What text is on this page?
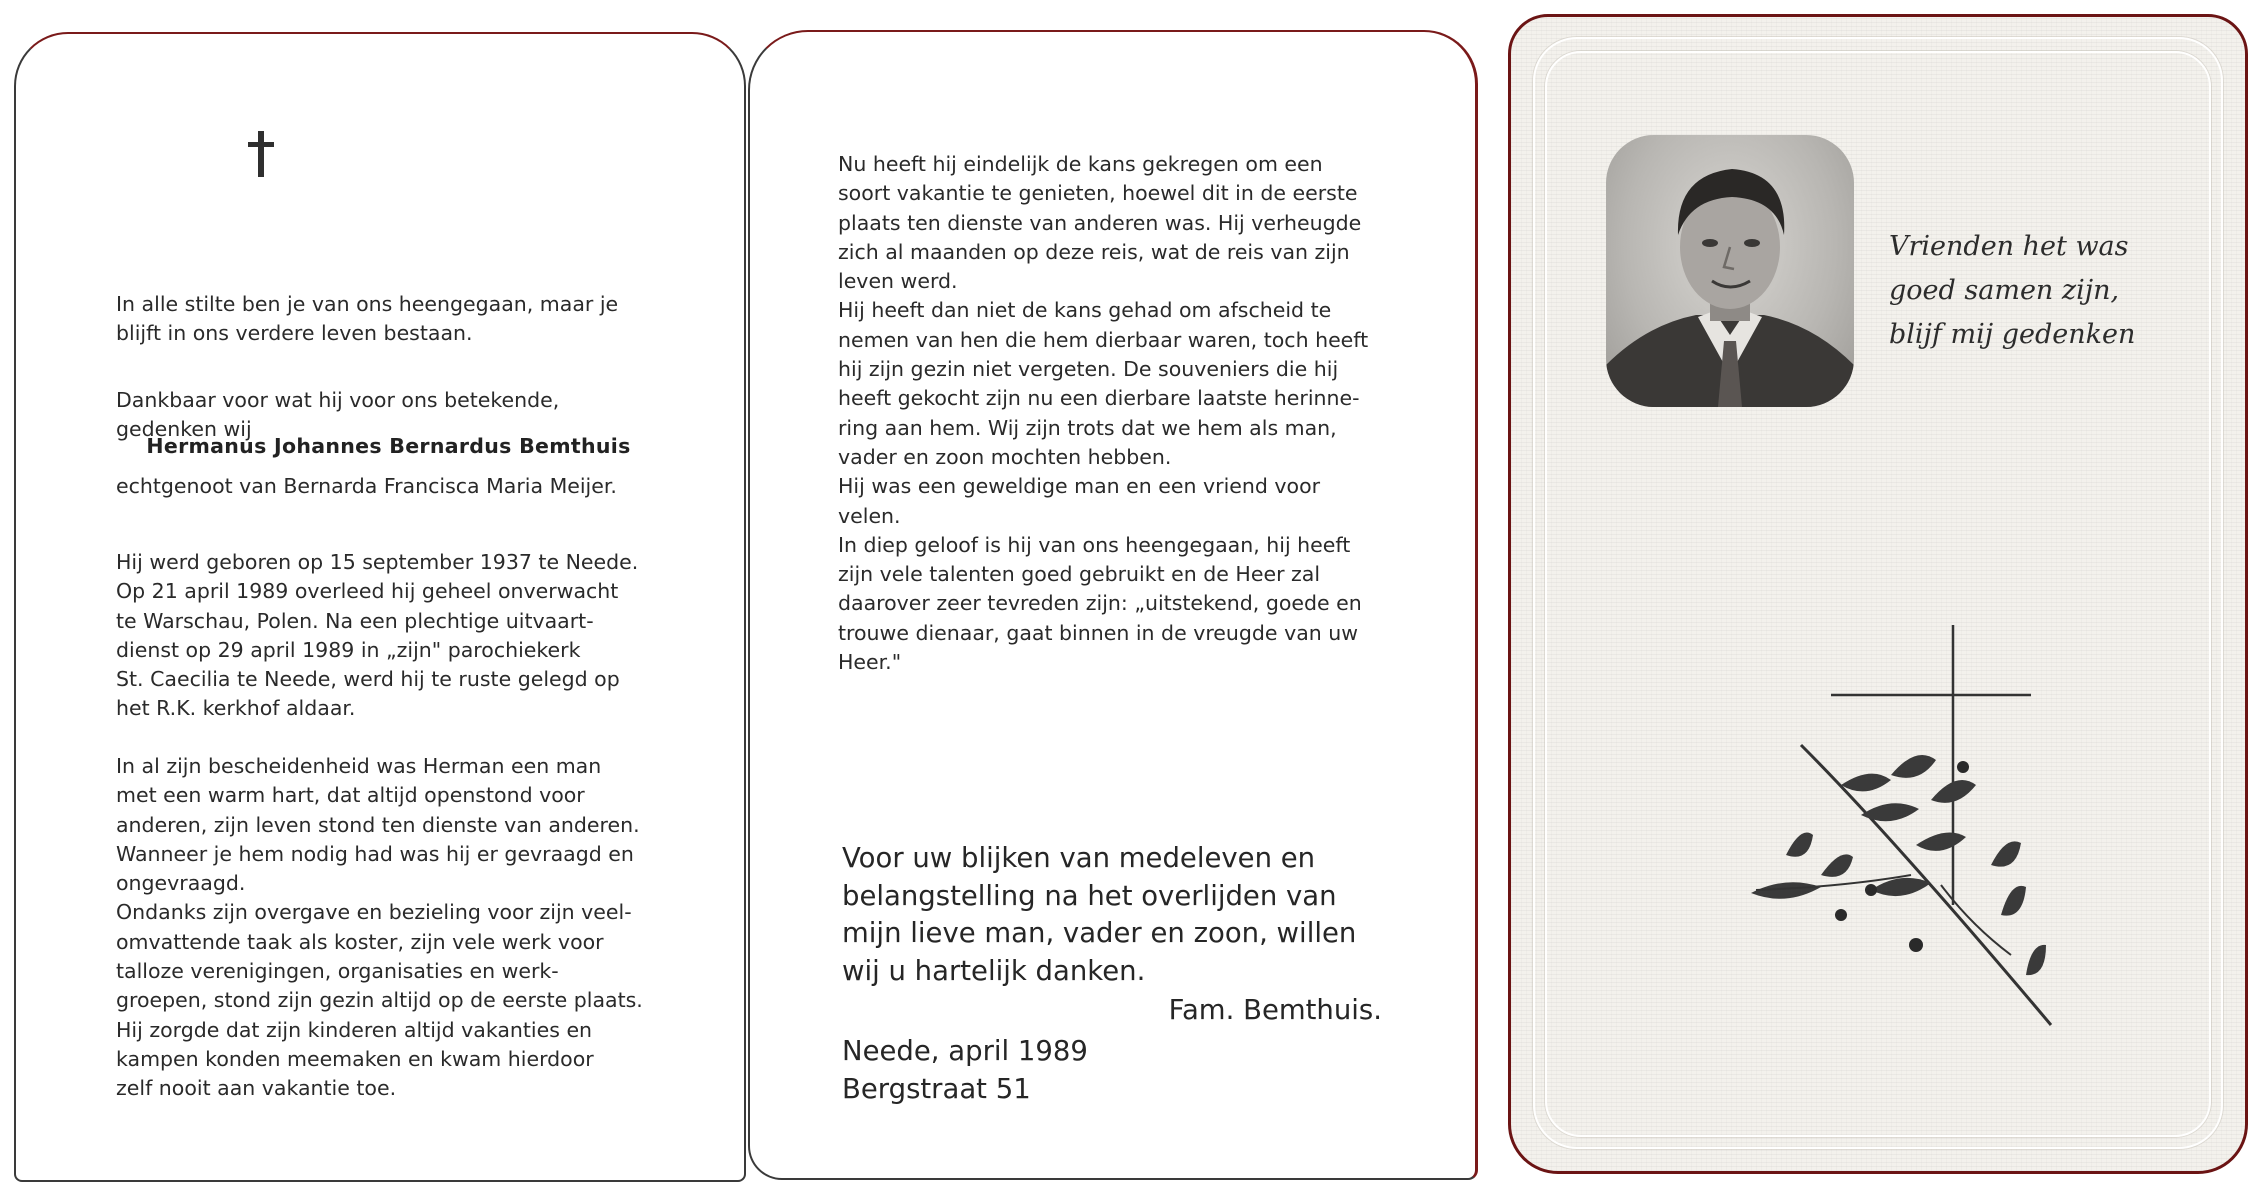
In alle stilte ben je van ons heengegaan, maar je
blijft in ons verdere leven bestaan.

Dankbaar voor wat hij voor ons betekende,
gedenken wij

Hermanus Johannes Bernardus Bemthuis

echtgenoot van Bernarda Francisca Maria Meijer.

Hij werd geboren op 15 september 1937 te Neede.
Op 21 april 1989 overleed hij geheel onverwacht
te Warschau, Polen. Na een plechtige uitvaart-
dienst op 29 april 1989 in „zijn" parochiekerk
St. Caecilia te Neede, werd hij te ruste gelegd op
het R.K. kerkhof aldaar.

In al zijn bescheidenheid was Herman een man
met een warm hart, dat altijd openstond voor
anderen, zijn leven stond ten dienste van anderen.
Wanneer je hem nodig had was hij er gevraagd en
ongevraagd.
Ondanks zijn overgave en bezieling voor zijn veel-
omvattende taak als koster, zijn vele werk voor
talloze verenigingen, organisaties en werk-
groepen, stond zijn gezin altijd op de eerste plaats.
Hij zorgde dat zijn kinderen altijd vakanties en
kampen konden meemaken en kwam hierdoor
zelf nooit aan vakantie toe.

Nu heeft hij eindelijk de kans gekregen om een
soort vakantie te genieten, hoewel dit in de eerste
plaats ten dienste van anderen was. Hij verheugde
zich al maanden op deze reis, wat de reis van zijn
leven werd.
Hij heeft dan niet de kans gehad om afscheid te
nemen van hen die hem dierbaar waren, toch heeft
hij zijn gezin niet vergeten. De souveniers die hij
heeft gekocht zijn nu een dierbare laatste herinne-
ring aan hem. Wij zijn trots dat we hem als man,
vader en zoon mochten hebben.
Hij was een geweldige man en een vriend voor
velen.
In diep geloof is hij van ons heengegaan, hij heeft
zijn vele talenten goed gebruikt en de Heer zal
daarover zeer tevreden zijn: „uitstekend, goede en
trouwe dienaar, gaat binnen in de vreugde van uw
Heer."

Voor uw blijken van medeleven en
belangstelling na het overlijden van
mijn lieve man, vader en zoon, willen
wij u hartelijk danken.

Fam. Bemthuis.

Neede, april 1989

Bergstraat 51

Vrienden het was
goed samen zijn,
blijf mij gedenken
